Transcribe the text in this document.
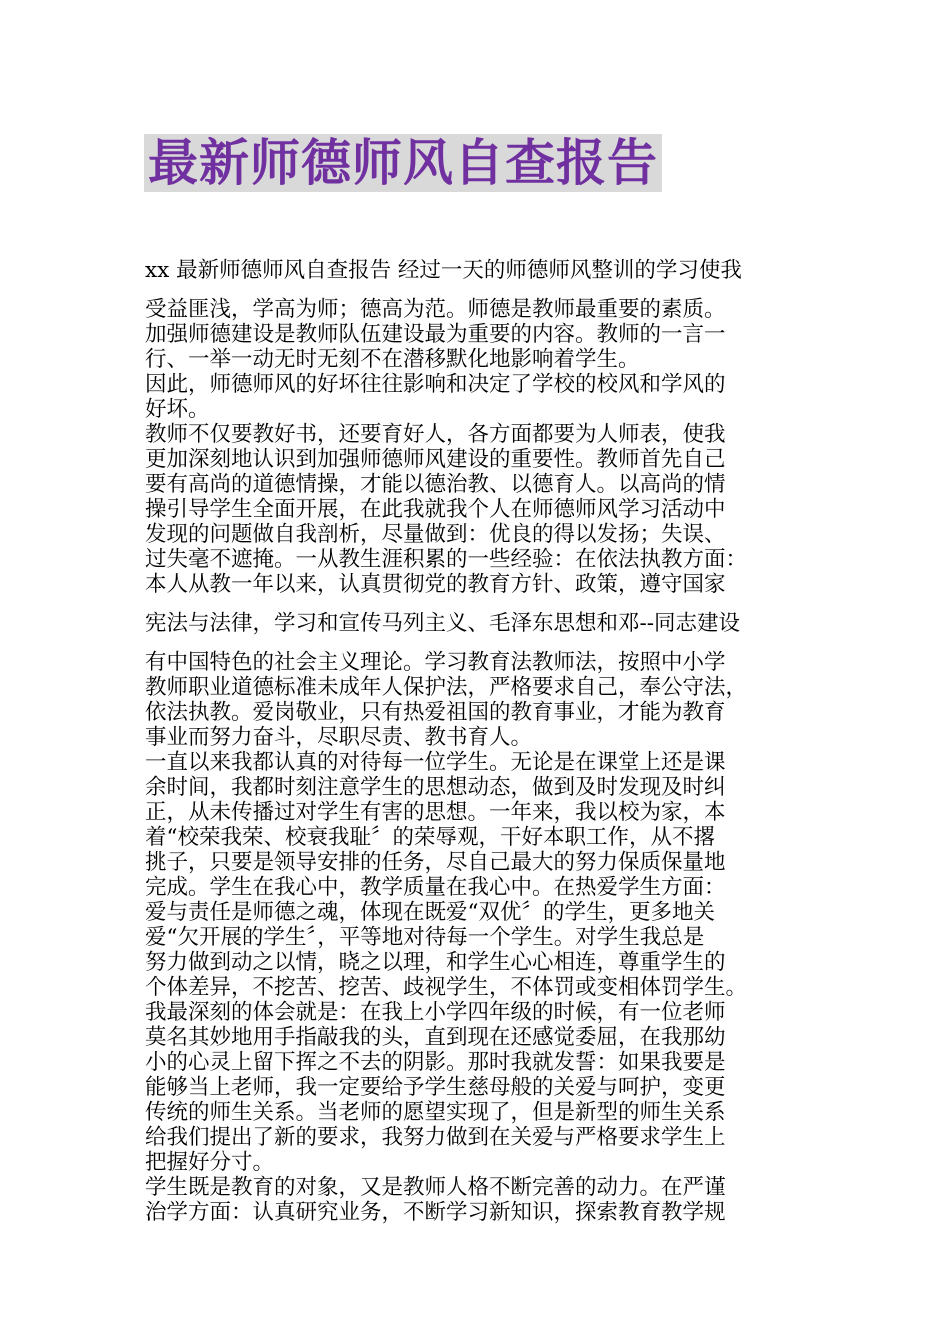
最新师德师风自查报告
xx 最新师德师风自查报告 经过一天的师德师风整训的学习使我
受益匪浅，学高为师；德高为范。师德是教师最重要的素质。
加强师德建设是教师队伍建设最为重要的内容。教师的一言一
行、一举一动无时无刻不在潜移默化地影响着学生。
因此，师德师风的好坏往往影响和决定了学校的校风和学风的
好坏。
教师不仅要教好书，还要育好人，各方面都要为人师表，使我
更加深刻地认识到加强师德师风建设的重要性。教师首先自己
要有高尚的道德情操，才能以德治教、以德育人。以高尚的情
操引导学生全面开展，在此我就我个人在师德师风学习活动中
发现的问题做自我剖析，尽量做到：优良的得以发扬；失误、
过失毫不遮掩。一从教生涯积累的一些经验：在依法执教方面：
本人从教一年以来，认真贯彻党的教育方针、政策，遵守国家
宪法与法律，学习和宣传马列主义、毛泽东思想和邓--同志建设
有中国特色的社会主义理论。学习教育法教师法，按照中小学
教师职业道德标准未成年人保护法，严格要求自己，奉公守法，
依法执教。爱岗敬业，只有热爱祖国的教育事业，才能为教育
事业而努力奋斗，尽职尽责、教书育人。
一直以来我都认真的对待每一位学生。无论是在课堂上还是课
余时间，我都时刻注意学生的思想动态，做到及时发现及时纠
正，从未传播过对学生有害的思想。一年来，我以校为家，本
着“校荣我荣、校衰我耻〞的荣辱观，干好本职工作，从不撂
挑子，只要是领导安排的任务，尽自己最大的努力保质保量地
完成。学生在我心中，教学质量在我心中。在热爱学生方面：
爱与责任是师德之魂，体现在既爱“双优〞的学生，更多地关
爱“欠开展的学生〞，平等地对待每一个学生。对学生我总是
努力做到动之以情，晓之以理，和学生心心相连，尊重学生的
个体差异，不挖苦、挖苦、歧视学生，不体罚或变相体罚学生。
我最深刻的体会就是：在我上小学四年级的时候，有一位老师
莫名其妙地用手指敲我的头，直到现在还感觉委屈，在我那幼
小的心灵上留下挥之不去的阴影。那时我就发誓：如果我要是
能够当上老师，我一定要给予学生慈母般的关爱与呵护，变更
传统的师生关系。当老师的愿望实现了，但是新型的师生关系
给我们提出了新的要求，我努力做到在关爱与严格要求学生上
把握好分寸。
学生既是教育的对象，又是教师人格不断完善的动力。在严谨
治学方面：认真研究业务，不断学习新知识，探索教育教学规
